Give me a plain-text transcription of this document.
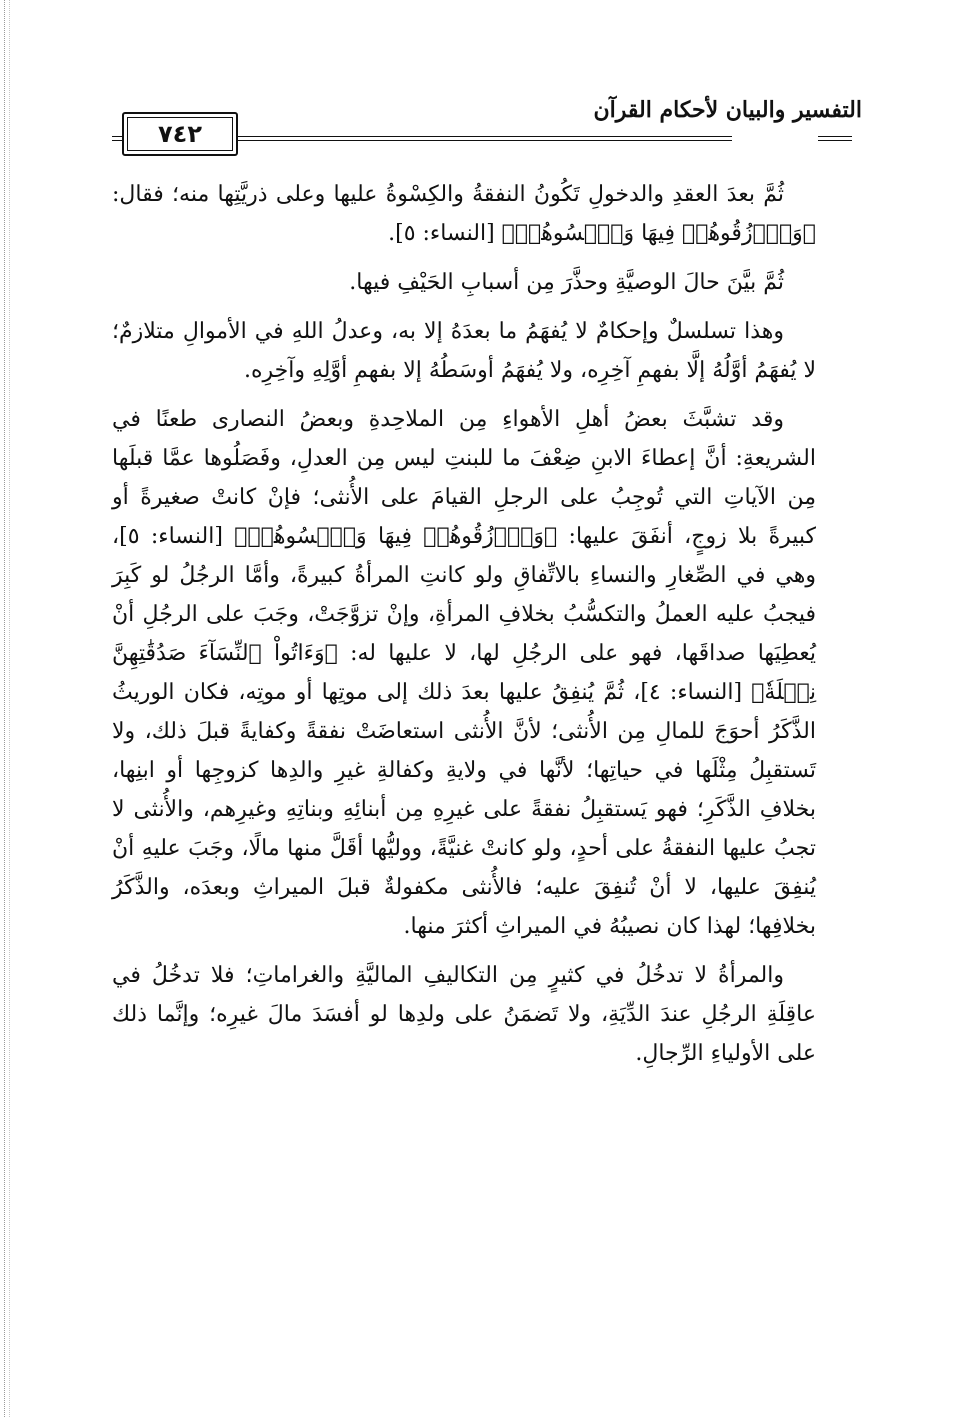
التفسير والبيان لأحكام القرآن
٧٤٢

ثُمَّ بعدَ العقدِ والدخولِ تَكُونُ النفقةُ والكِسْوةُ عليها وعلى ذريَّتِها منه؛ فقال: ﴿وَٱرۡزُقُوهُمۡ فِيهَا وَٱكۡسُوهُمۡ﴾ [النساء: ٥].

ثُمَّ بيَّنَ حالَ الوصيَّةِ وحذَّرَ مِن أسبابِ الحَيْفِ فيها.

وهذا تسلسلٌ وإحكامٌ لا يُفهَمُ ما بعدَهُ إلا به، وعدلُ اللهِ في الأموالِ متلازمٌ؛ لا يُفهَمُ أوَّلُهُ إلَّا بفهمِ آخِرِه، ولا يُفهَمُ أوسَطُهُ إلا بفهمِ أوَّلِهِ وآخِرِه.

وقد تشبَّثَ بعضُ أهلِ الأهواءِ مِن الملاحِدةِ وبعضُ النصارى طعنًا في الشريعةِ: أنَّ إعطاءَ الابنِ ضِعْفَ ما للبنتِ ليس مِن العدلِ، وفَصَلُوها عمَّا قبلَها مِن الآياتِ التي تُوجِبُ على الرجلِ القيامَ على الأُنثى؛ فإنْ كانتْ صغيرةً أو كبيرةً بلا زوجٍ، أنفَقَ عليها: ﴿وَٱرۡزُقُوهُمۡ فِيهَا وَٱكۡسُوهُمۡ﴾ [النساء: ٥]، وهي في الصِّغارِ والنساءِ بالاتِّفاقِ ولو كانتِ المرأةُ كبيرةً، وأمَّا الرجُلُ لو كَبِرَ فيجبُ عليه العملُ والتكسُّبُ بخلافِ المرأةِ، وإنْ تزوَّجَتْ، وجَبَ على الرجُلِ أنْ يُعطِيَها صداقَها، فهو على الرجُلِ لها، لا عليها له: ﴿وَءَاتُواْ ٱلنِّسَآءَ صَدُقَٰتِهِنَّ نِحۡلَةٗ﴾ [النساء: ٤]، ثُمَّ يُنفِقُ عليها بعدَ ذلك إلى موتِها أو موتِه، فكان الوريثُ الذَّكَرُ أحوَجَ للمالِ مِن الأُنثى؛ لأنَّ الأُنثى استعاضَتْ نفقةً وكفايةً قبلَ ذلك، ولا تَستقبِلُ مِثْلَها في حياتِها؛ لأنَّها في ولايةِ وكفالةِ غيرِ والدِها كزوجِها أو ابنِها، بخلافِ الذَّكَرِ؛ فهو يَستقبِلُ نفقةً على غيرِهِ مِن أبنائِهِ وبناتِهِ وغيرِهم، والأُنثى لا تجبُ عليها النفقةُ على أحدٍ، ولو كانتْ غنيَّةً، ووليُّها أقَلَّ منها مالًا، وجَبَ عليهِ أنْ يُنفِقَ عليها، لا أنْ تُنفِقَ عليه؛ فالأُنثى مكفولةٌ قبلَ الميراثِ وبعدَه، والذَّكَرُ بخلافِها؛ لهذا كان نصيبُهُ في الميراثِ أكثرَ منها.

والمرأةُ لا تدخُلُ في كثيرٍ مِن التكاليفِ الماليَّةِ والغراماتِ؛ فلا تدخُلُ في عاقِلَةِ الرجُلِ عندَ الدِّيَةِ، ولا تَضمَنُ على ولدِها لو أفسَدَ مالَ غيرِه؛ وإنَّما ذلك على الأولياءِ الرِّجالِ.
